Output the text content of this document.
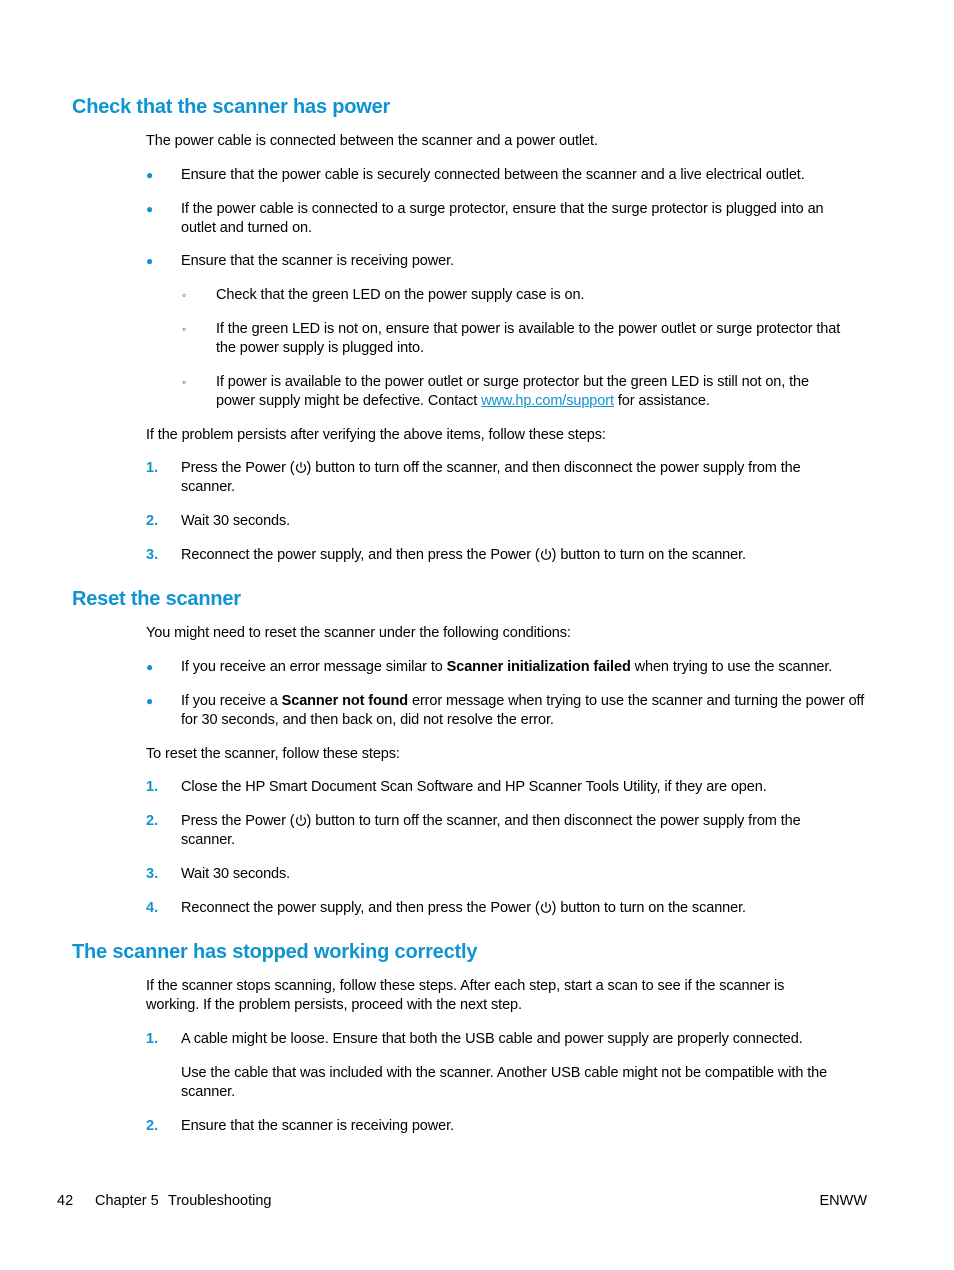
Check that the scanner has power

The power cable is connected between the scanner and a power outlet.

●	Ensure that the power cable is securely connected between the scanner and a live electrical outlet.

●	If the power cable is connected to a surge protector, ensure that the surge protector is plugged into an outlet and turned on.

●	Ensure that the scanner is receiving power.

◦	Check that the green LED on the power supply case is on.

◦	If the green LED is not on, ensure that power is available to the power outlet or surge protector that the power supply is plugged into.

◦	If power is available to the power outlet or surge protector but the green LED is still not on, the power supply might be defective. Contact www.hp.com/support for assistance.

If the problem persists after verifying the above items, follow these steps:

1.	Press the Power ( ) button to turn off the scanner, and then disconnect the power supply from the scanner.

2.	Wait 30 seconds.

3.	Reconnect the power supply, and then press the Power ( ) button to turn on the scanner.

Reset the scanner

You might need to reset the scanner under the following conditions:

●	If you receive an error message similar to Scanner initialization failed when trying to use the scanner.

●	If you receive a Scanner not found error message when trying to use the scanner and turning the power off for 30 seconds, and then back on, did not resolve the error.

To reset the scanner, follow these steps:

1.	Close the HP Smart Document Scan Software and HP Scanner Tools Utility, if they are open.

2.	Press the Power ( ) button to turn off the scanner, and then disconnect the power supply from the scanner.

3.	Wait 30 seconds.

4.	Reconnect the power supply, and then press the Power ( ) button to turn on the scanner.

The scanner has stopped working correctly

If the scanner stops scanning, follow these steps. After each step, start a scan to see if the scanner is working. If the problem persists, proceed with the next step.

1.	A cable might be loose. Ensure that both the USB cable and power supply are properly connected.

Use the cable that was included with the scanner. Another USB cable might not be compatible with the scanner.

2.	Ensure that the scanner is receiving power.

42 Chapter 5 Troubleshooting	ENWW
